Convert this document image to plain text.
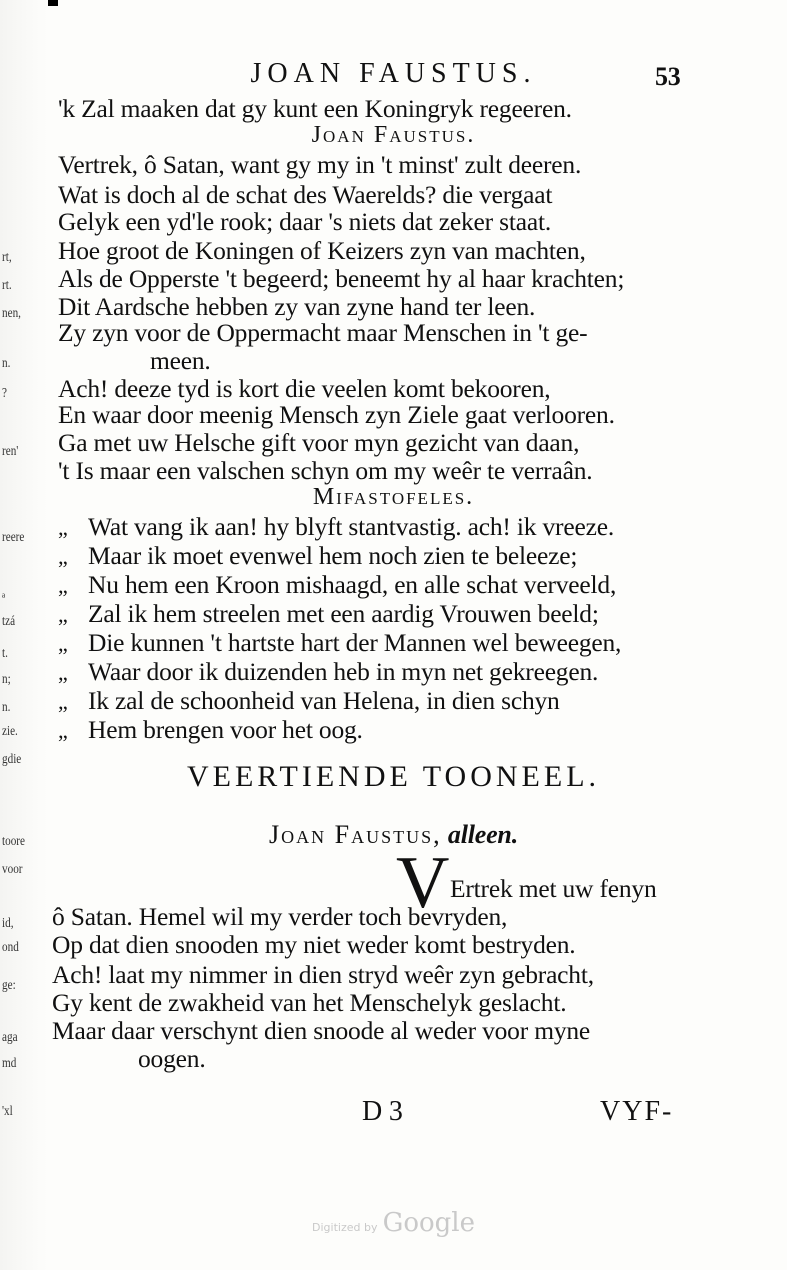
rt,
rt.
nen,
n.
?
ren'
reere
ª
tzá
t.
n;
n.
zie.
gdie
toore
voor
id,
ond
ge:
aga
md
'xl
JOAN FAUSTUS.	53
Joan Faustus.
Mifastofeles.
VEERTIENDE TOONEEL.
Joan Faustus, alleen.
V Ertrek met uw fenyn
D 3	VYF-
Digitized by Google
'k Zal maaken dat gy kunt een Koningryk regeeren.
Vertrek, ô Satan, want gy my in 't minst' zult deeren.
Wat is doch al de schat des Waerelds? die vergaat
Gelyk een yd'le rook; daar 's niets dat zeker staat.
Hoe groot de Koningen of Keizers zyn van machten,
Als de Opperste 't begeerd; beneemt hy al haar krachten;
Dit Aardsche hebben zy van zyne hand ter leen.
Zy zyn voor de Oppermacht maar Menschen in 't ge-
meen.
Ach! deeze tyd is kort die veelen komt bekooren,
En waar door meenig Mensch zyn Ziele gaat verlooren.
Ga met uw Helsche gift voor myn gezicht van daan,
't Is maar een valschen schyn om my weêr te verraân.
„ Wat vang ik aan! hy blyft stantvastig. ach! ik vreeze.
„ Maar ik moet evenwel hem noch zien te beleeze;
„ Nu hem een Kroon mishaagd, en alle schat verveeld,
„ Zal ik hem streelen met een aardig Vrouwen beeld;
„ Die kunnen 't hartste hart der Mannen wel beweegen,
„ Waar door ik duizenden heb in myn net gekreegen.
„ Ik zal de schoonheid van Helena, in dien schyn
„ Hem brengen voor het oog.
ô Satan. Hemel wil my verder toch bevryden,
Op dat dien snooden my niet weder komt bestryden.
Ach! laat my nimmer in dien stryd weêr zyn gebracht,
Gy kent de zwakheid van het Menschelyk geslacht.
Maar daar verschynt dien snoode al weder voor myne
oogen.
